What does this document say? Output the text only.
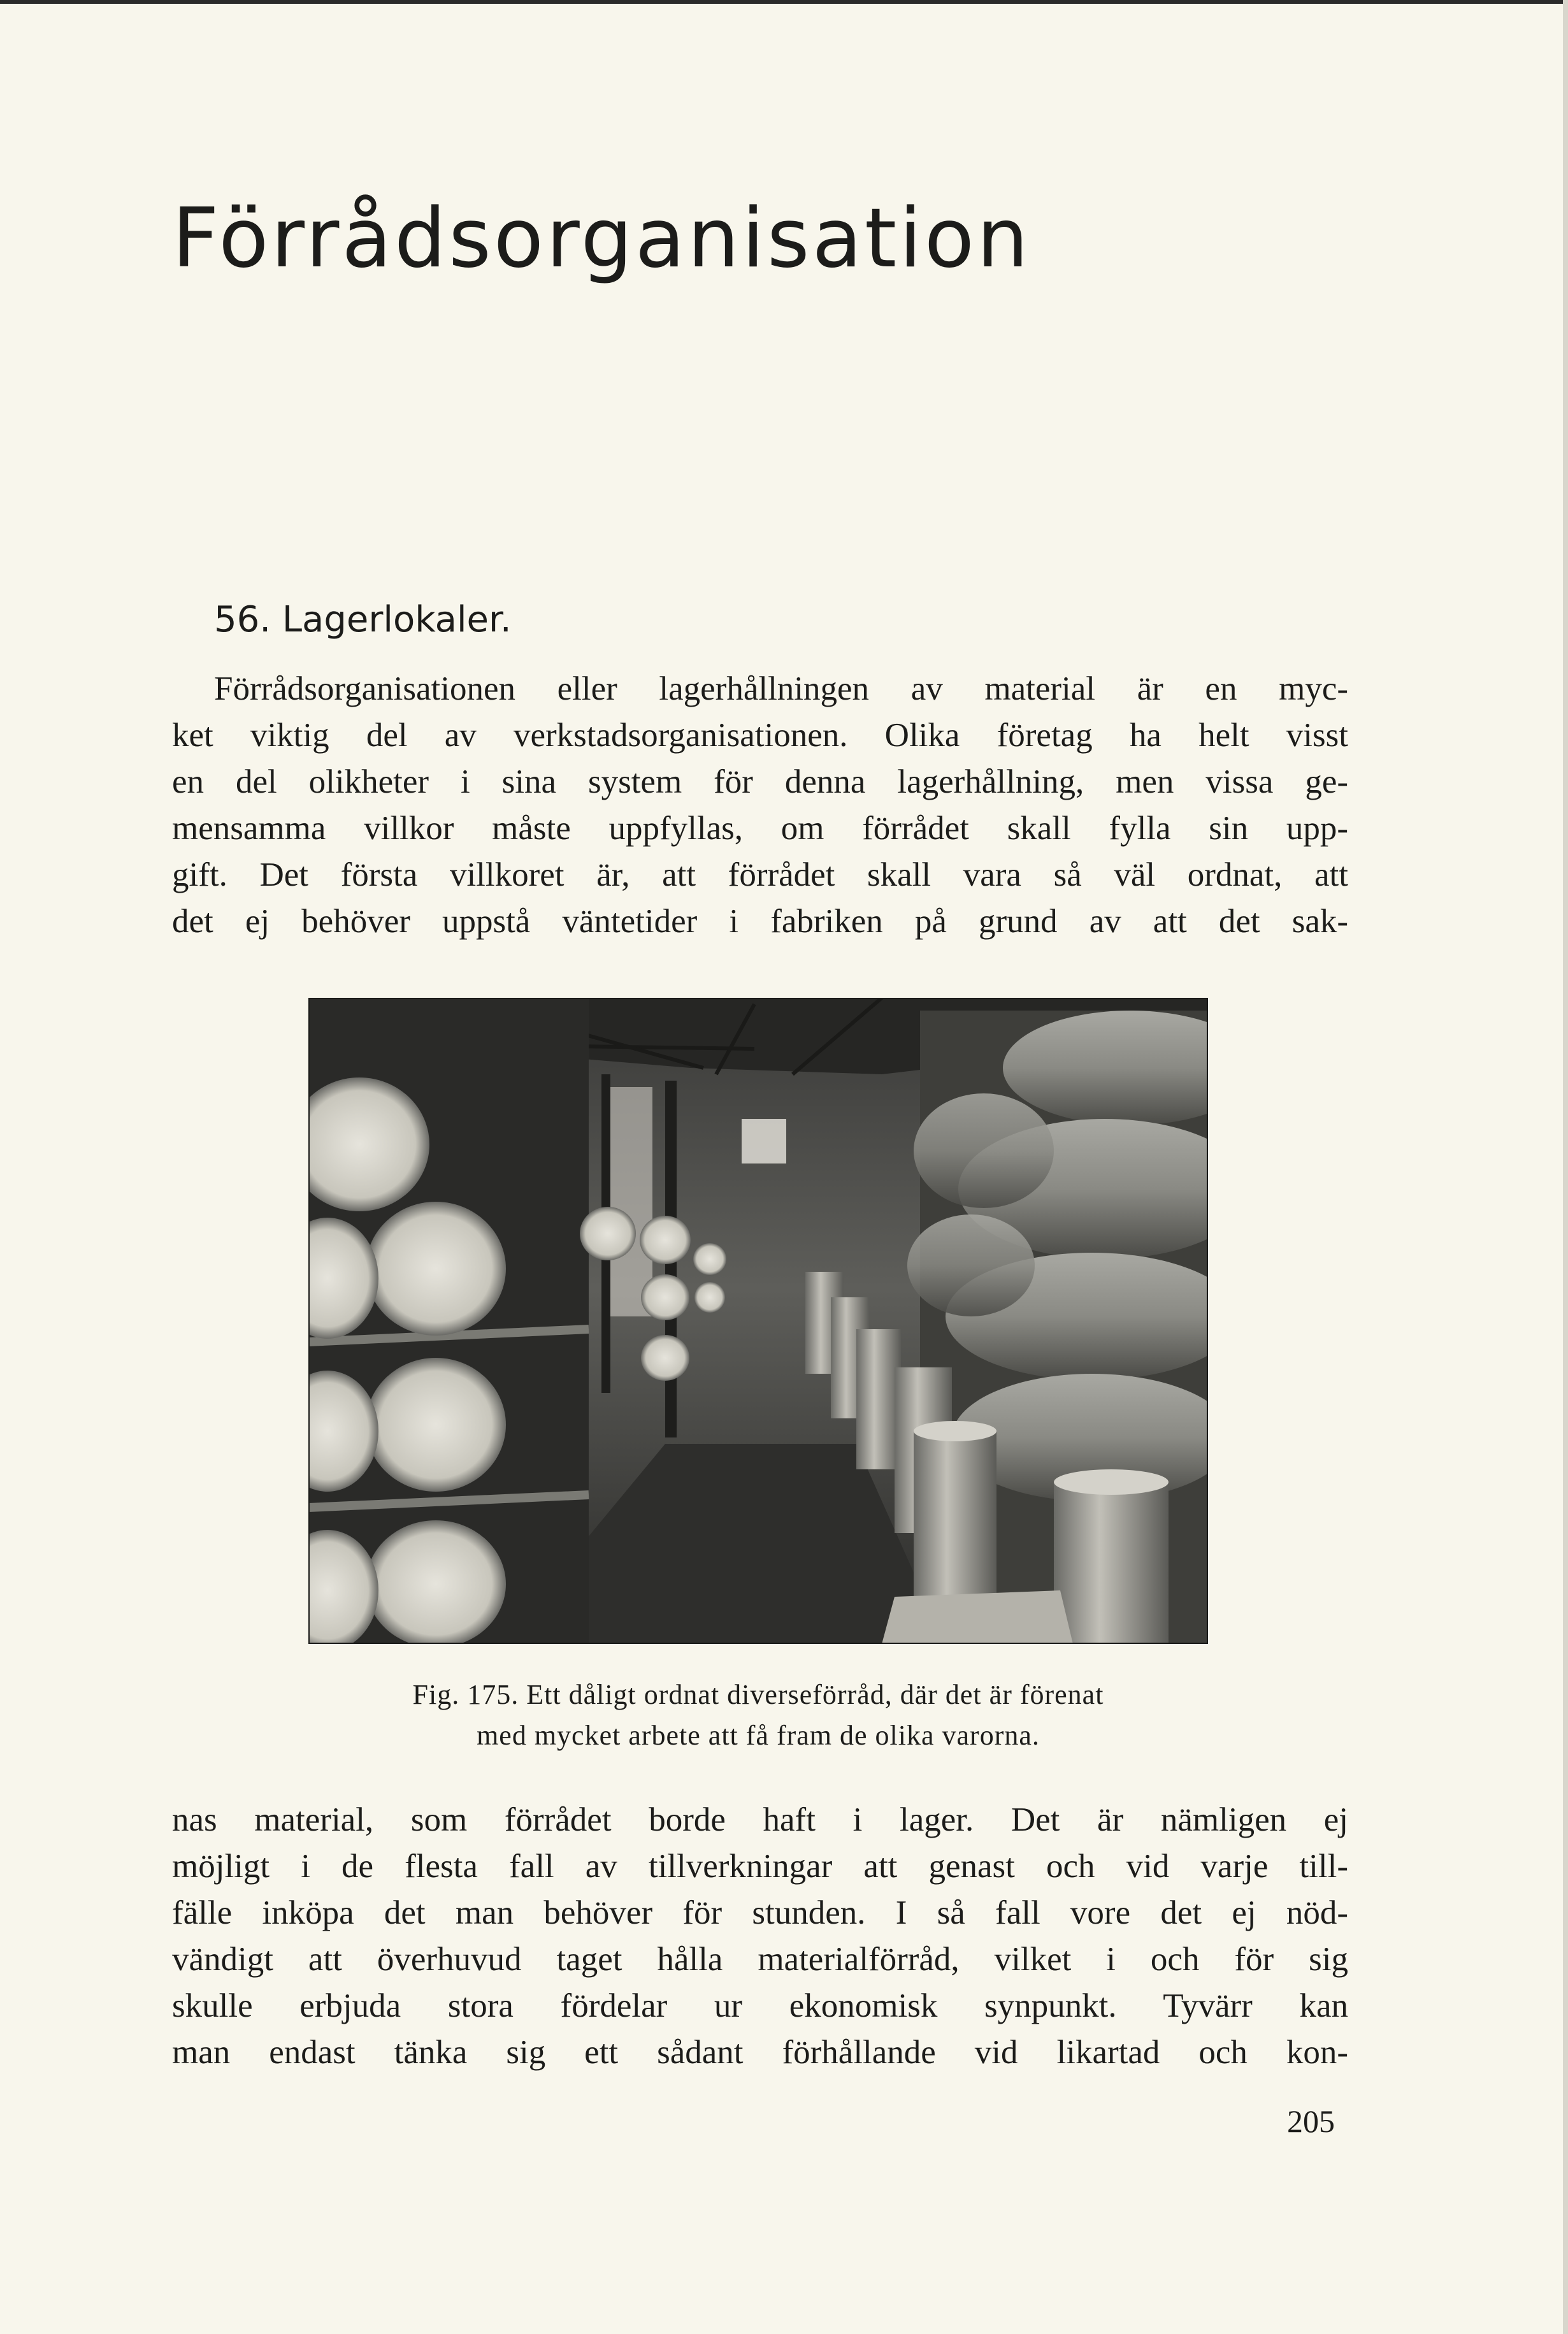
Förrådsorganisation
56. Lagerlokaler.
Förrådsorganisationen eller lagerhållningen av material är en myc-
ket viktig del av verkstadsorganisationen. Olika företag ha helt visst
en del olikheter i sina system för denna lagerhållning, men vissa ge-
mensamma villkor måste uppfyllas, om förrådet skall fylla sin upp-
gift. Det första villkoret är, att förrådet skall vara så väl ordnat, att
det ej behöver uppstå väntetider i fabriken på grund av att det sak-
Fig. 175. Ett dåligt ordnat diverseförråd, där det är förenat
med mycket arbete att få fram de olika varorna.
nas material, som förrådet borde haft i lager. Det är nämligen ej
möjligt i de flesta fall av tillverkningar att genast och vid varje till-
fälle inköpa det man behöver för stunden. I så fall vore det ej nöd-
vändigt att överhuvud taget hålla materialförråd, vilket i och för sig
skulle erbjuda stora fördelar ur ekonomisk synpunkt. Tyvärr kan
man endast tänka sig ett sådant förhållande vid likartad och kon-
205
